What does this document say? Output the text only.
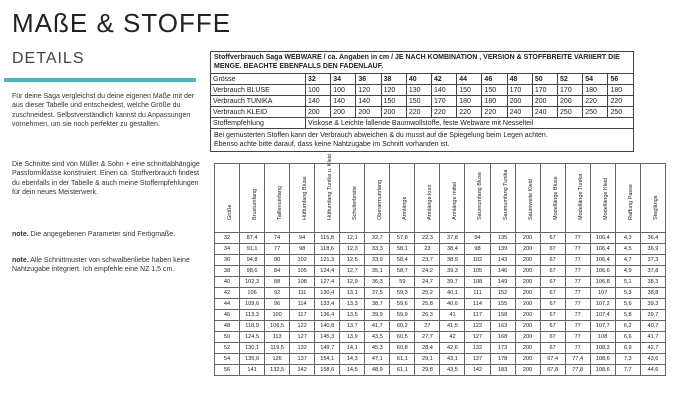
MAßE & STOFFE
DETAILS

Für deine Saga vergleichst du deine eigenen Maße mit der aus dieser Tabelle und entscheidest, welche Größe du zuschneidest. Selbstverständlich kannst du Anpassungen vornehmen, um sie noch perfekter zu gestalten.

Die Schnitte sind von Müller & Sohn + eine schnittabhängige Passformklasse konstruiert. Einen ca. Stoffverbrauch findest du ebenfalls in der Tabelle & auch meine Stoffempfehlungen für dein neues Meisterwerk.

note. Die angegebenen Parameter sind Fertigmaße.

note. Alle Schnittmuster von schwalbenliebe haben keine Nahtzugabe integriert. Ich empfehle eine NZ 1,5 cm.

Stoffverbrauch Saga WEBWARE / ca. Angaben in cm / JE NACH KOMBINATION , VERSION & STOFFBREITE VARIIERT DIE MENGE. BEACHTE EBENFALLS DEN FADENLAUF.													
Grösse	32	34	36	38	40	42	44	46	48	50	52	54	56
Verbrauch BLUSE	100	100	120	120	130	140	150	150	170	170	170	180	180
Verbrauch TUNIKA	140	140	140	150	150	170	180	180	200	200	200	220	220
Verbrauch KLEID	200	200	200	200	220	220	220	220	240	240	250	250	250
Stoffempfehlung	Viskose & Leichte fallende Baumwollstoffe, feste Webware mit Nesselteil												
Bei gemusterten Stoffen kann der Verbrauch abweichen & du musst auf die Spiegelung beim Legen achten.
Ebenso achte bitte darauf, dass keine Nahtzugabe im Schnitt vorhanden ist.													
Größe	Brustumfang	Taillenumfang	Hüftumfang Bluse	Hüftumfang Tunika u. Kleid	Schulterbreite	Oberarmumfang	Armlänge	Armlänge kurz	Armlänge mittel	Saumumfang Bluse	Saumumfang Tunika	Saumweite Kleid	Modellänge Bluse	Modellänge Tunika	Modellänge Kleid	Raffung Passe	Steglänge

32	87,4	74	94	115,8	12,1	32,7	57,8	22,3	37,8	94	135	200	67	77	106,4	4,3	36,4
34	91,1	77	98	118,6	12,3	33,3	58,1	23	38,4	98	139	200	67	77	106,4	4,5	36,9
36	94,8	80	102	121,3	12,5	33,9	58,4	23,7	38,9	102	143	200	67	77	106,4	4,7	37,3
38	98,6	84	105	124,4	12,7	35,1	58,7	24,2	39,3	105	146	200	67	77	106,6	4,9	37,8
40	102,3	88	108	127,4	12,9	36,3	59	24,7	39,7	108	149	200	67	77	106,8	5,1	38,3
42	106	92	111	130,4	13,1	37,5	59,3	25,2	40,1	111	152	200	67	77	107	5,3	38,8
44	109,6	96	114	133,4	13,3	38,7	59,6	25,8	40,6	114	155	200	67	77	107,2	5,6	39,3
46	113,3	100	117	136,4	13,5	39,9	59,9	26,3	41	117	158	200	67	77	107,4	5,8	39,7
48	118,9	106,5	122	140,8	13,7	41,7	60,2	27	41,5	122	163	200	67	77	107,7	6,2	40,7
50	124,5	113	127	145,3	13,9	43,5	60,5	27,7	42	127	168	200	67	77	108	6,6	41,7
52	130,1	119,5	132	149,7	14,1	45,3	60,8	28,4	42,6	132	173	200	67	77	108,3	6,9	42,7
54	135,6	126	137	154,1	14,3	47,1	61,1	29,1	43,1	137	178	200	67,4	77,4	108,6	7,3	43,6
56	141	132,5	142	158,6	14,5	48,9	61,1	29,8	43,5	142	183	200	67,8	77,8	108,6	7,7	44,6
